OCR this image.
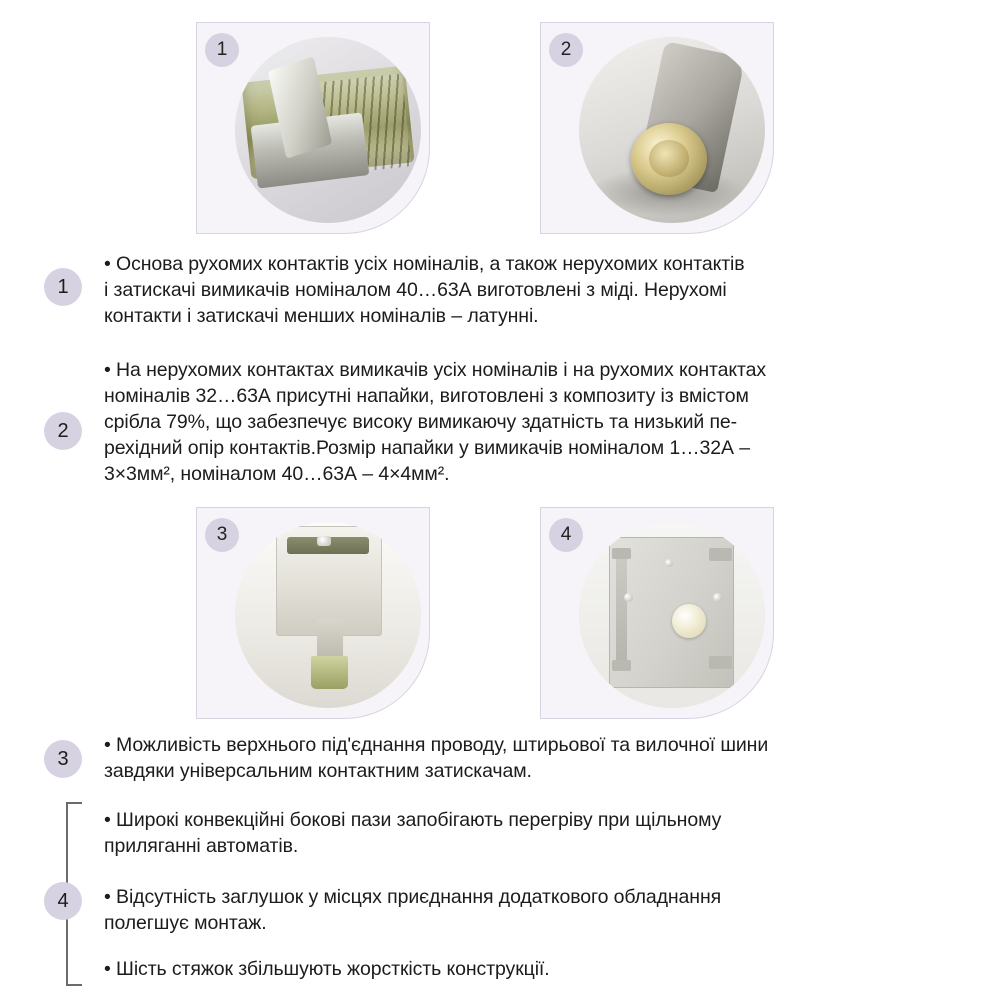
1	2
1

• Основа рухомих контактів усіх номіналів, а також нерухомих контактів

і затискачі вимикачів номіналом 40…63А виготовлені з міді. Нерухомі

контакти і затискачі менших номіналів – латунні.

2

• На нерухомих контактах вимикачів усіх номіналів і на рухомих контактах

номіналів 32…63А присутні напайки, виготовлені з композиту із вмістом

срібла 79%, що забезпечує високу вимикаючу здатність та низький пе-

рехідний опір контактів.Розмір напайки у вимикачів номіналом 1…32А –

3×3мм², номіналом 40…63А – 4×4мм².

3	4
3

• Можливість верхнього під'єднання проводу, штирьової та вилочної шини

завдяки універсальним контактним затискачам.

4

• Широкі конвекційні бокові пази запобігають перегріву при щільному

приляганні автоматів.

• Відсутність заглушок у місцях приєднання додаткового обладнання

полегшує монтаж.

• Шість стяжок збільшують жорсткість конструкції.
